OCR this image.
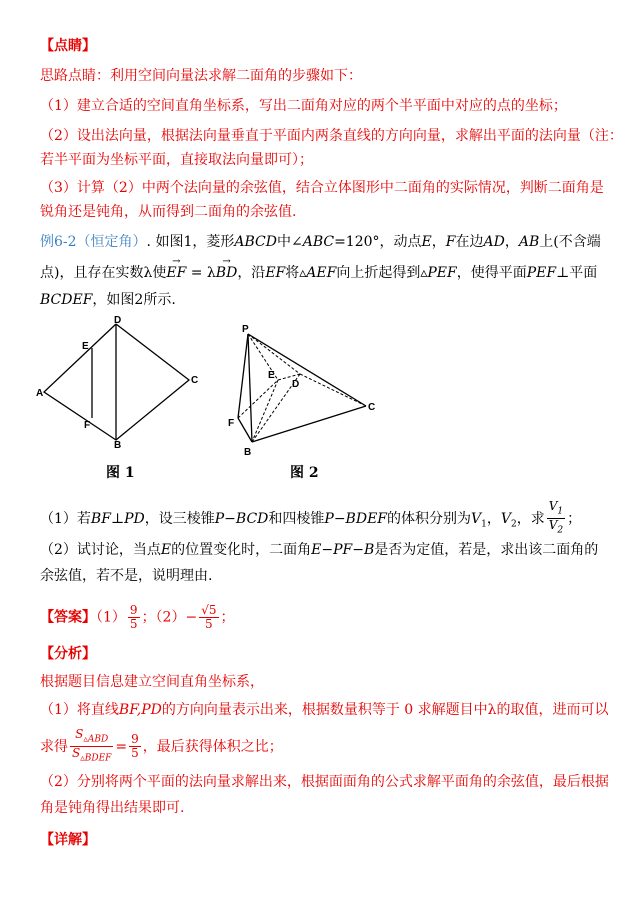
【点睛】
思路点睛：利用空间向量法求解二面角的步骤如下：
（1）建立合适的空间直角坐标系，写出二面角对应的两个半平面中对应的点的坐标；
（2）设出法向量，根据法向量垂直于平面内两条直线的方向向量，求解出平面的法向量（注：
若半平面为坐标平面，直接取法向量即可）；
（3）计算（2）中两个法向量的余弦值，结合立体图形中二面角的实际情况，判断二面角是
锐角还是钝角，从而得到二面角的余弦值.
例6-2（恒定角）. 如图1，菱形ABCD中∠ABC=120°，动点E，F在边AD，AB上(不含端
点)，且存在实数λ使→ EF = λ→ BD，沿EF将▵AEF向上折起得到▵PEF，使得平面PEF⊥平面
BCDEF，如图2所示.
D
E
A
F
B
C
图 1
P
E
D
C
F
B
图 2
（1）若BF⊥PD，设三棱锥P−BCD和四棱锥P−BDEF的体积分别为$V_1$，$V_2$，求 $\frac{V_1}{V_2}$ ；
（2）试讨论，当点E的位置变化时，二面角E−PF−B是否为定值，若是，求出该二面角的
余弦值，若不是，说明理由.
【答案】$(1) \frac{9}{5}$ ；$(2)- \frac{√5}{5}$ ；
【分析】
根据题目信息建立空间直角坐标系，
（1）将直线BF,PD的方向向量表示出来，根据数量积等于 0 求解题目中λ的取值，进而可以
求得 $\frac{S_{▵ABD}}{S_{▵BDEF}} = \frac{9}{5}$ ，最后获得体积之比；
（2）分别将两个平面的法向量求解出来，根据面面角的公式求解平面角的余弦值，最后根据
角是钝角得出结果即可.
【详解】
